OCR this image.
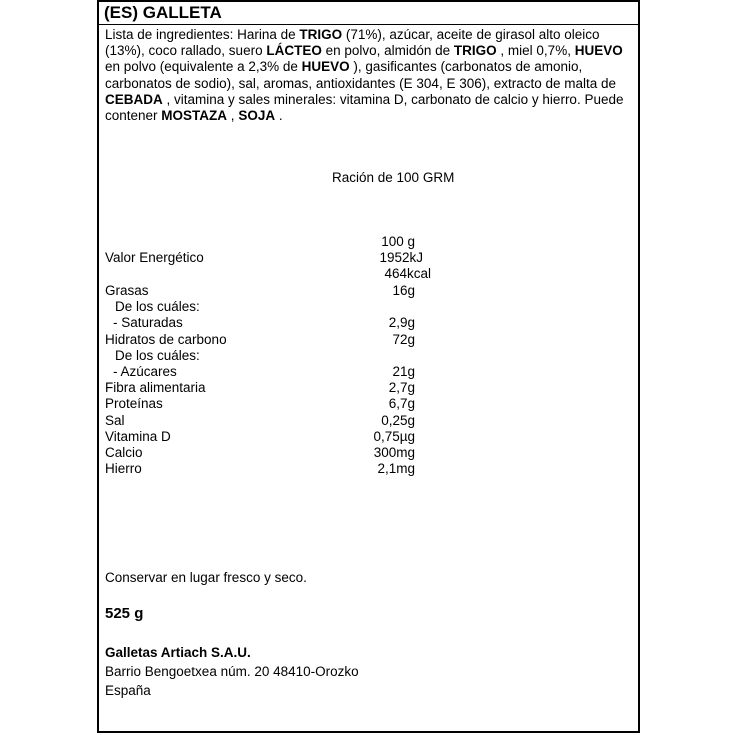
(ES) GALLETA
Lista de ingredientes: Harina de TRIGO (71%), azúcar, aceite de girasol alto oleico (13%), coco rallado, suero LÁCTEO en polvo, almidón de TRIGO , miel 0,7%, HUEVO en polvo (equivalente a 2,3% de HUEVO ), gasificantes (carbonatos de amonio, carbonatos de sodio), sal, aromas, antioxidantes (E 304, E 306), extracto de malta de CEBADA , vitamina y sales minerales: vitamina D, carbonato de calcio y hierro. Puede contener MOSTAZA , SOJA .
Ración de 100 GRM
100 g
Valor Energético	1952kJ
464kcal
Grasas	16g
De los cuáles:
- Saturadas	2,9g
Hidratos de carbono	72g
De los cuáles:
- Azúcares	21g
Fibra alimentaria	2,7g
Proteínas	6,7g
Sal	0,25g
Vitamina D	0,75µg
Calcio	300mg
Hierro	2,1mg
Conservar en lugar fresco y seco.
525 g
Galletas Artiach S.A.U.
Barrio Bengoetxea núm. 20 48410-Orozko
España
